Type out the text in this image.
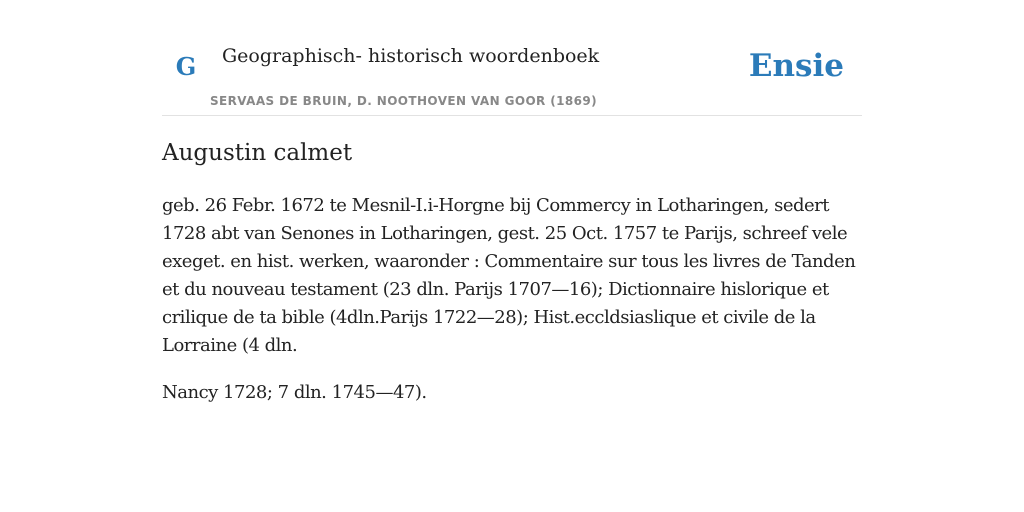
G	Geographisch- historisch woordenboek
SERVAAS DE BRUIN, D. NOOTHOVEN VAN GOOR (1869)
Ensie
Augustin calmet

geb. 26 Febr. 1672 te Mesnil-I.i-Horgne bij Commercy in Lotharingen, sedert 1728 abt van Senones in Lotharingen, gest. 25 Oct. 1757 te Parijs, schreef vele exeget. en hist. werken, waaronder : Commentaire sur tous les livres de Tanden et du nouveau testament (23 dln. Parijs 1707—16); Dictionnaire hislorique et crilique de ta bible (4dln.Parijs 1722—28); Hist.eccldsiaslique et civile de la Lorraine (4 dln.

Nancy 1728; 7 dln. 1745—47).
